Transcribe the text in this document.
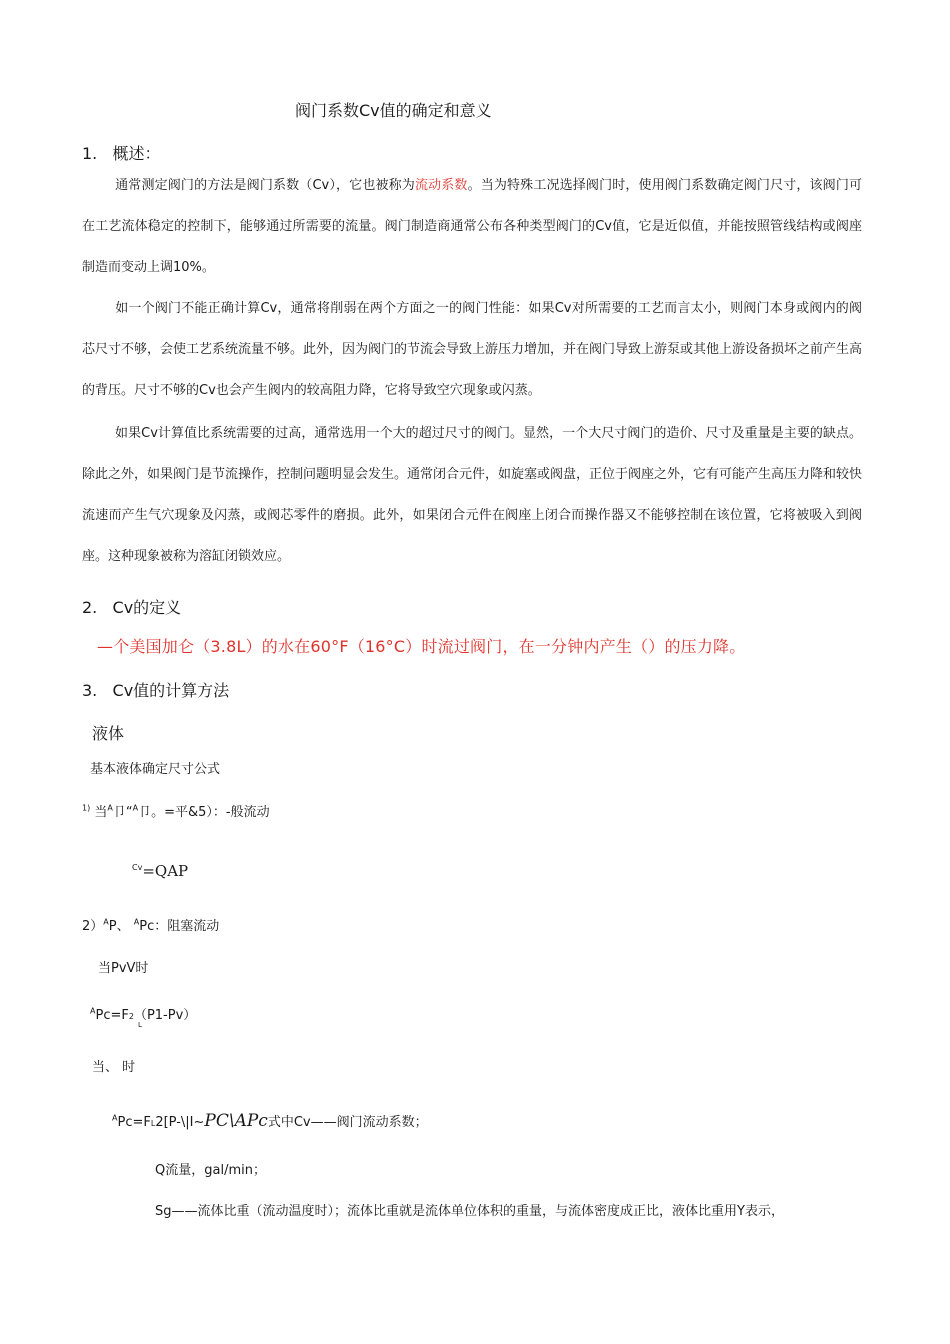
阀门系数Cv值的确定和意义
1. 概述：
通常测定阀门的方法是阀门系数（Cv），它也被称为流动系数。当为特殊工况选择阀门时，使用阀门系数确定阀门尺寸，该阀门可在工艺流体稳定的控制下，能够通过所需要的流量。阀门制造商通常公布各种类型阀门的Cv值，它是近似值，并能按照管线结构或阀座制造而变动上调10%。
如一个阀门不能正确计算Cv，通常将削弱在两个方面之一的阀门性能：如果Cv对所需要的工艺而言太小，则阀门本身或阀内的阀芯尺寸不够，会使工艺系统流量不够。此外，因为阀门的节流会导致上游压力增加，并在阀门导致上游泵或其他上游设备损坏之前产生高的背压。尺寸不够的Cv也会产生阀内的较高阻力降，它将导致空穴现象或闪蒸。
如果Cv计算值比系统需要的过高，通常选用一个大的超过尺寸的阀门。显然，一个大尺寸阀门的造价、尺寸及重量是主要的缺点。除此之外，如果阀门是节流操作，控制问题明显会发生。通常闭合元件，如旋塞或阀盘，正位于阀座之外，它有可能产生高压力降和较快流速而产生气穴现象及闪蒸，或阀芯零件的磨损。此外，如果闭合元件在阀座上闭合而操作器又不能够控制在该位置，它将被吸入到阀座。这种现象被称为溶缸闭锁效应。
2. Cv的定义
—个美国加仑（3.8L）的水在60°F（16°C）时流过阀门，在一分钟内产生（）的压力降。
3. Cv值的计算方法
液体
基本液体确定尺寸公式
$^{1)}$ 当$^A$卩“$^A$卩。=平&5）：-般流动
$^{Cv}$=QAP
2）$^A$P、 $^A$Pc：阻塞流动
当PvV时
$^A$Pc=F2（P1-Pv）
L
当、 时
$^A$Pc=FL2[P-\|I~PC\APc式中Cv——阀门流动系数；
Q流量，gal/min；
Sg——流体比重（流动温度时）；流体比重就是流体单位体积的重量，与流体密度成正比，液体比重用Y表示，
